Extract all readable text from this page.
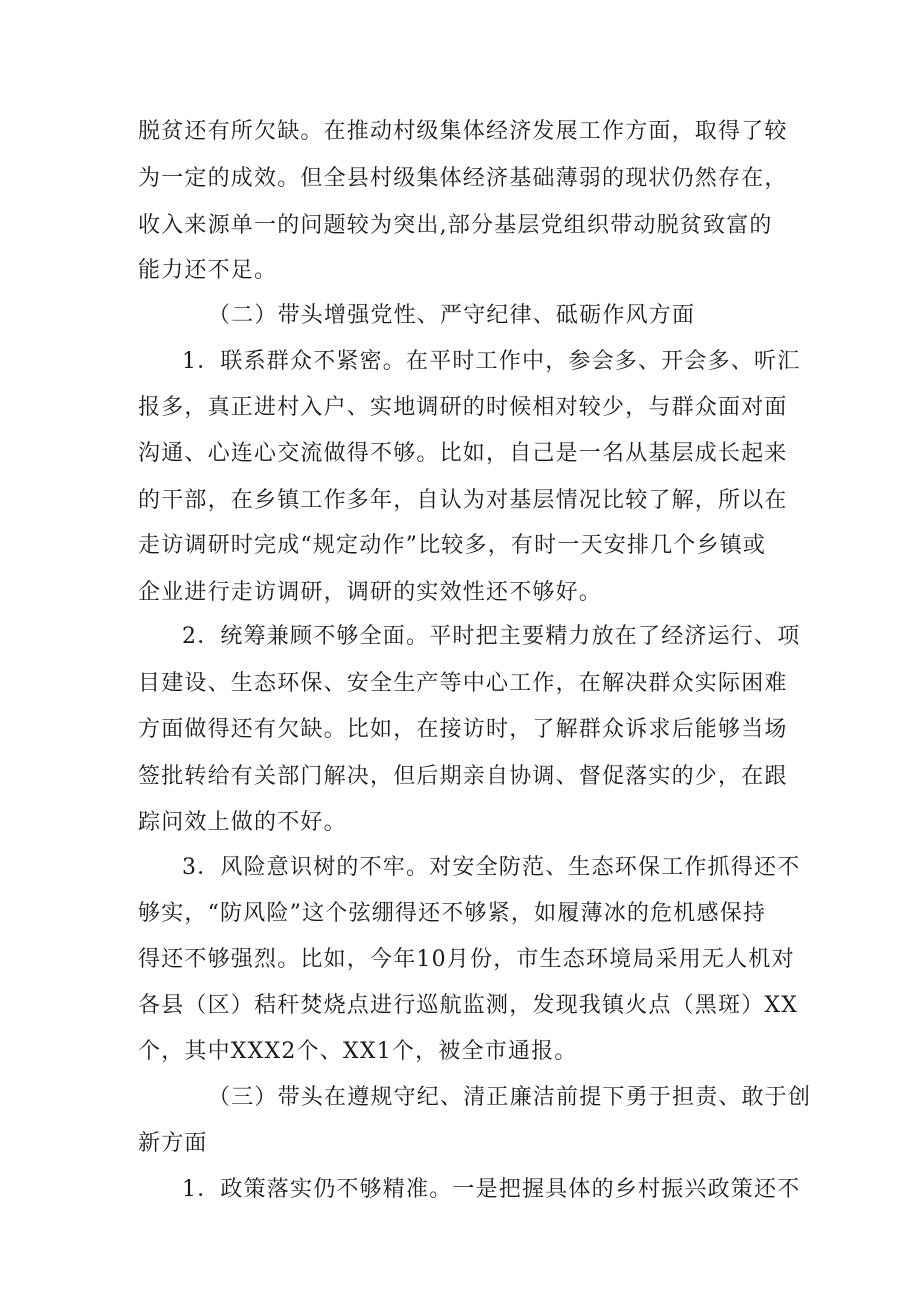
脱贫还有所欠缺。在推动村级集体经济发展工作方面，取得了较
为一定的成效。但全县村级集体经济基础薄弱的现状仍然存在，
收入来源单一的问题较为突出,部分基层党组织带动脱贫致富的
能力还不足。
（二）带头增强党性、严守纪律、砥砺作风方面
1．联系群众不紧密。在平时工作中，参会多、开会多、听汇
报多，真正进村入户、实地调研的时候相对较少，与群众面对面
沟通、心连心交流做得不够。比如，自己是一名从基层成长起来
的干部，在乡镇工作多年，自认为对基层情况比较了解，所以在
走访调研时完成“规定动作”比较多，有时一天安排几个乡镇或
企业进行走访调研，调研的实效性还不够好。
2．统筹兼顾不够全面。平时把主要精力放在了经济运行、项
目建设、生态环保、安全生产等中心工作，在解决群众实际困难
方面做得还有欠缺。比如，在接访时，了解群众诉求后能够当场
签批转给有关部门解决，但后期亲自协调、督促落实的少，在跟
踪问效上做的不好。
3．风险意识树的不牢。对安全防范、生态环保工作抓得还不
够实，“防风险”这个弦绷得还不够紧，如履薄冰的危机感保持
得还不够强烈。比如，今年10月份，市生态环境局采用无人机对
各县（区）秸秆焚烧点进行巡航监测，发现我镇火点（黑斑）XX
个，其中XXX2个、XX1个，被全市通报。
（三）带头在遵规守纪、清正廉洁前提下勇于担责、敢于创
新方面
1．政策落实仍不够精准。一是把握具体的乡村振兴政策还不
